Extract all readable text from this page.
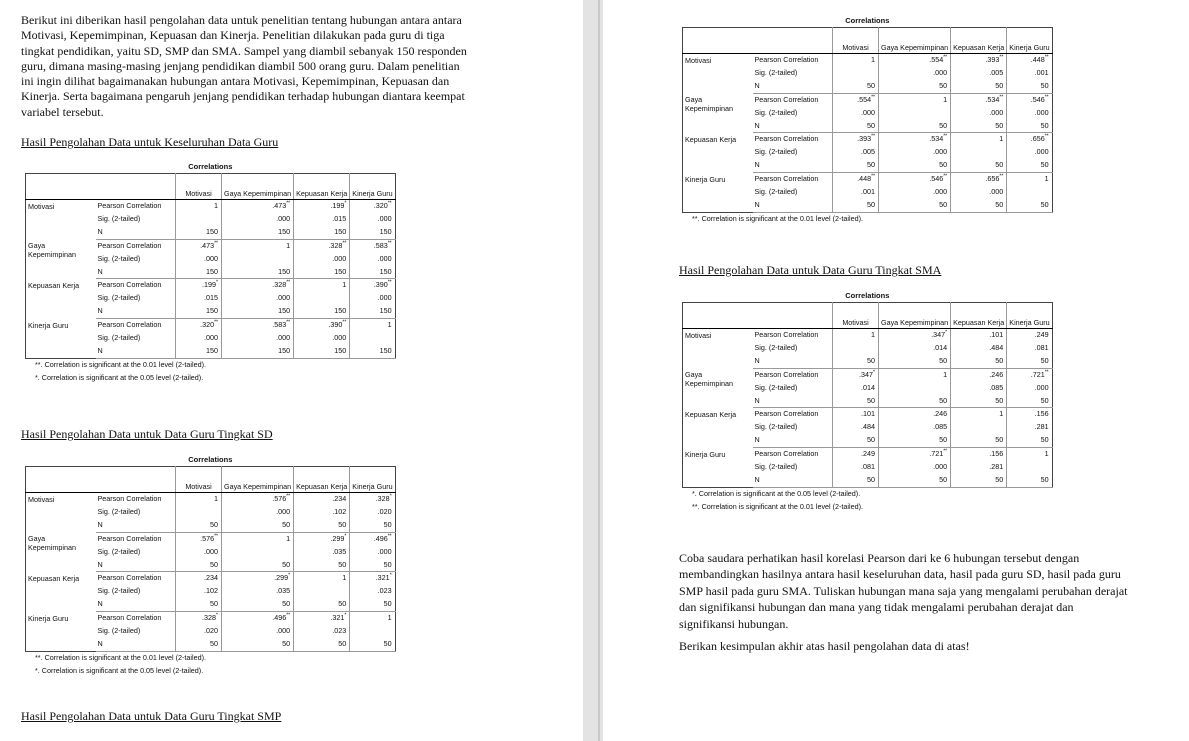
Berikut ini diberikan hasil pengolahan data untuk penelitian tentang hubungan antara antara
Motivasi, Kepemimpinan, Kepuasan dan Kinerja. Penelitian dilakukan pada guru di tiga
tingkat pendidikan, yaitu SD, SMP dan SMA. Sampel yang diambil sebanyak 150 responden
guru, dimana masing-masing jenjang pendidikan diambil 500 orang guru. Dalam penelitian
ini ingin dilihat bagaimanakan hubungan antara Motivasi, Kepemimpinan, Kepuasan dan
Kinerja. Serta bagaimana pengaruh jenjang pendidikan terhadap hubungan diantara keempat
variabel tersebut.
Hasil Pengolahan Data untuk Keseluruhan Data Guru
Correlations
		Motivasi	Gaya Kepemimpinan	Kepuasan Kerja	Kinerja Guru
Motivasi	Pearson Correlation	1	.473**	.199*	.320**
	Sig. (2-tailed)		.000	.015	.000
	N	150	150	150	150
Gaya Kepemimpinan	Pearson Correlation	.473**	1	.328**	.583**
	Sig. (2-tailed)	.000		.000	.000
	N	150	150	150	150
Kepuasan Kerja	Pearson Correlation	.199*	.328**	1	.390**
	Sig. (2-tailed)	.015	.000		.000
	N	150	150	150	150
Kinerja Guru	Pearson Correlation	.320**	.583**	.390**	1
	Sig. (2-tailed)	.000	.000	.000	
	N	150	150	150	150
**. Correlation is significant at the 0.01 level (2-tailed).
*. Correlation is significant at the 0.05 level (2-tailed).
Hasil Pengolahan Data untuk Data Guru Tingkat SD
Correlations
		Motivasi	Gaya Kepemimpinan	Kepuasan Kerja	Kinerja Guru
Motivasi	Pearson Correlation	1	.576**	.234	.328*
	Sig. (2-tailed)		.000	.102	.020
	N	50	50	50	50
Gaya Kepemimpinan	Pearson Correlation	.576**	1	.299*	.496**
	Sig. (2-tailed)	.000		.035	.000
	N	50	50	50	50
Kepuasan Kerja	Pearson Correlation	.234	.299*	1	.321*
	Sig. (2-tailed)	.102	.035		.023
	N	50	50	50	50
Kinerja Guru	Pearson Correlation	.328*	.496**	.321*	1
	Sig. (2-tailed)	.020	.000	.023	
	N	50	50	50	50
**. Correlation is significant at the 0.01 level (2-tailed).
*. Correlation is significant at the 0.05 level (2-tailed).
Hasil Pengolahan Data untuk Data Guru Tingkat SMP
Correlations
		Motivasi	Gaya Kepemimpinan	Kepuasan Kerja	Kinerja Guru
Motivasi	Pearson Correlation	1	.554**	.393**	.448**
	Sig. (2-tailed)		.000	.005	.001
	N	50	50	50	50
Gaya Kepemimpinan	Pearson Correlation	.554**	1	.534**	.546**
	Sig. (2-tailed)	.000		.000	.000
	N	50	50	50	50
Kepuasan Kerja	Pearson Correlation	.393**	.534**	1	.656**
	Sig. (2-tailed)	.005	.000		.000
	N	50	50	50	50
Kinerja Guru	Pearson Correlation	.448**	.546**	.656**	1
	Sig. (2-tailed)	.001	.000	.000	
	N	50	50	50	50
**. Correlation is significant at the 0.01 level (2-tailed).
Hasil Pengolahan Data untuk Data Guru Tingkat SMA
Correlations
		Motivasi	Gaya Kepemimpinan	Kepuasan Kerja	Kinerja Guru
Motivasi	Pearson Correlation	1	.347*	.101	.249
	Sig. (2-tailed)		.014	.484	.081
	N	50	50	50	50
Gaya Kepemimpinan	Pearson Correlation	.347*	1	.246	.721**
	Sig. (2-tailed)	.014		.085	.000
	N	50	50	50	50
Kepuasan Kerja	Pearson Correlation	.101	.246	1	.156
	Sig. (2-tailed)	.484	.085		.281
	N	50	50	50	50
Kinerja Guru	Pearson Correlation	.249	.721**	.156	1
	Sig. (2-tailed)	.081	.000	.281	
	N	50	50	50	50
*. Correlation is significant at the 0.05 level (2-tailed).
**. Correlation is significant at the 0.01 level (2-tailed).
Coba saudara perhatikan hasil korelasi Pearson dari ke 6 hubungan tersebut dengan
membandingkan hasilnya antara hasil keseluruhan data, hasil pada guru SD, hasil pada guru
SMP hasil pada guru SMA. Tuliskan hubungan mana saja yang mengalami perubahan derajat
dan signifikansi hubungan dan mana yang tidak mengalami perubahan derajat dan
signifikansi hubungan.
Berikan kesimpulan akhir atas hasil pengolahan data di atas!
